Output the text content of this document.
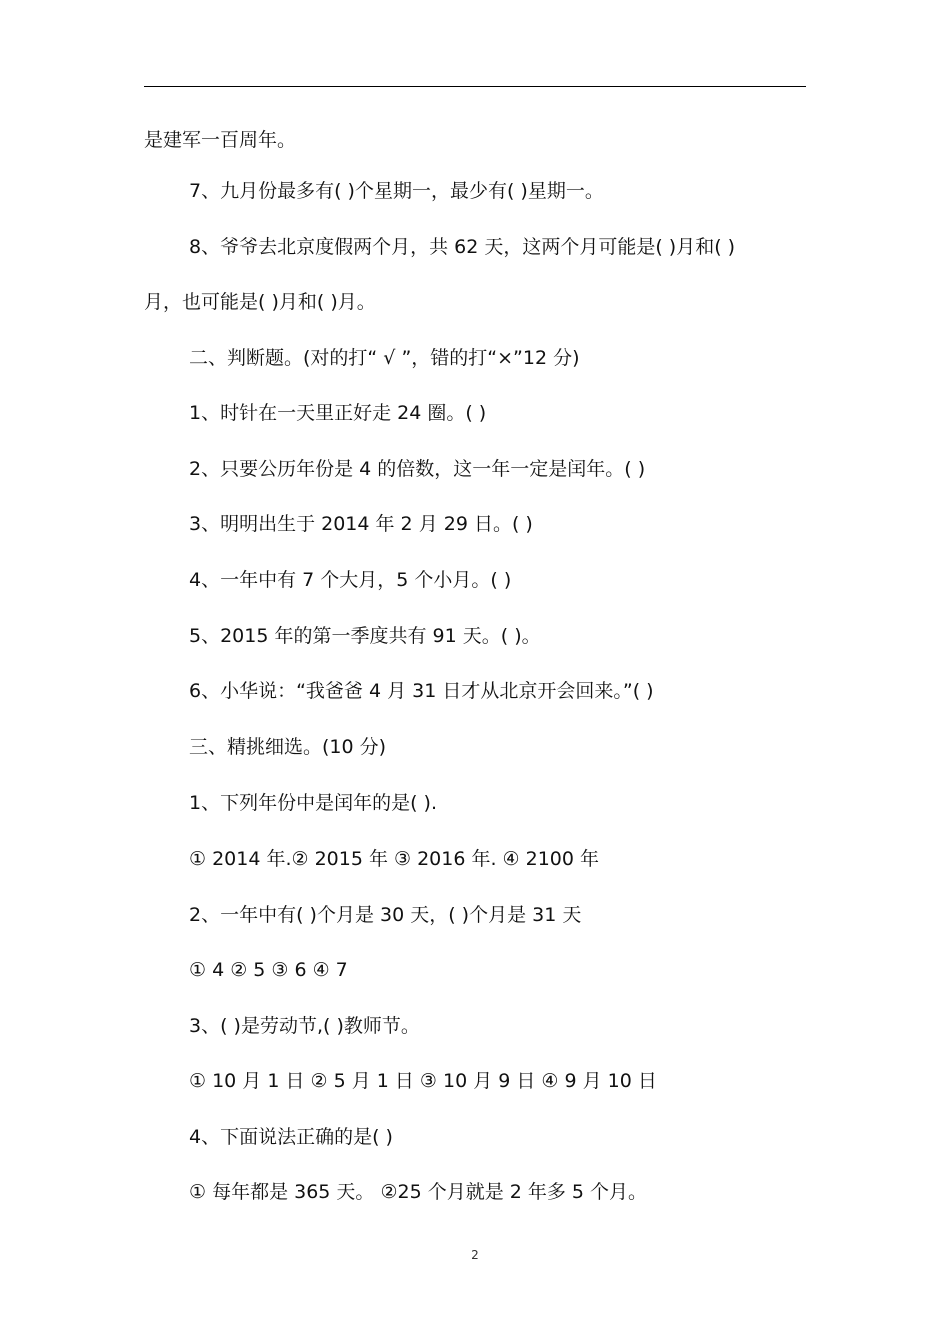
是建军一百周年。
7、九月份最多有( )个星期一，最少有( )星期一。
8、爷爷去北京度假两个月，共 62 天，这两个月可能是( )月和( )
月，也可能是( )月和( )月。
二、判断题。(对的打“ √ ”，错的打“×”12 分)
1、时针在一天里正好走 24 圈。( )
2、只要公历年份是 4 的倍数，这一年一定是闰年。( )
3、明明出生于 2014 年 2 月 29 日。( )
4、一年中有 7 个大月，5 个小月。( )
5、2015 年的第一季度共有 91 天。( )。
6、小华说：“我爸爸 4 月 31 日才从北京开会回来。”( )
三、精挑细选。(10 分)
1、下列年份中是闰年的是( ).
① 2014 年.② 2015 年 ③ 2016 年. ④ 2100 年
2、一年中有( )个月是 30 天，( )个月是 31 天
① 4 ② 5 ③ 6 ④ 7
3、( )是劳动节,( )教师节。
① 10 月 1 日 ② 5 月 1 日 ③ 10 月 9 日 ④ 9 月 10 日
4、下面说法正确的是( )
① 每年都是 365 天。 ②25 个月就是 2 年多 5 个月。
2
